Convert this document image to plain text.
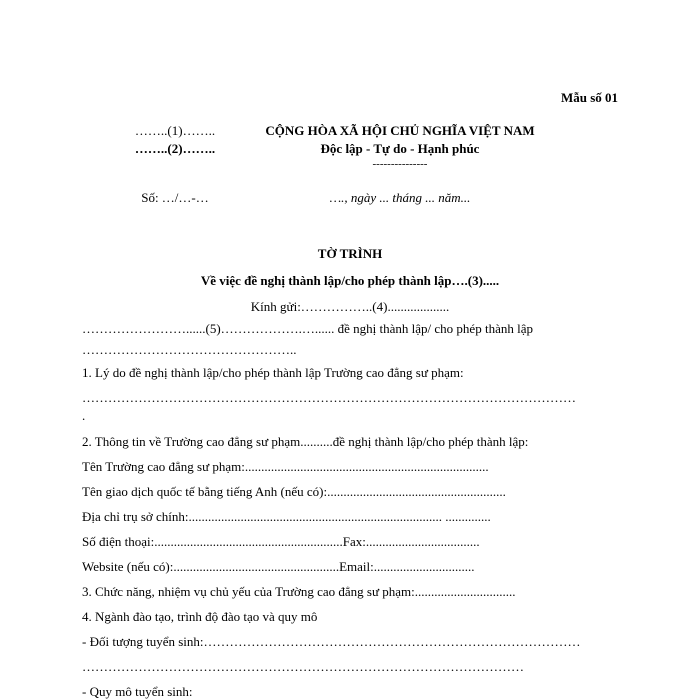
Mẫu số 01
……..(1)……..
……..(2)……..
CỘNG HÒA XÃ HỘI CHỦ NGHĨA VIỆT NAM
Độc lập - Tự do - Hạnh phúc
---------------
Số: …/…-…	…., ngày ... tháng ... năm...
TỜ TRÌNH
Về việc đề nghị thành lập/cho phép thành lập….(3).....
Kính gửi:……………..(4)...................
……………………......(5)……………….…...... đề nghị thành lập/ cho phép thành lập
…………………………………………..
1. Lý do đề nghị thành lập/cho phép thành lập Trường cao đẳng sư phạm:
……………………………………………………………………………………………………
.
2. Thông tin về Trường cao đẳng sư phạm..........đề nghị thành lập/cho phép thành lập:
Tên Trường cao đẳng sư phạm:...........................................................................
Tên giao dịch quốc tế bằng tiếng Anh (nếu có):.......................................................
Địa chỉ trụ sở chính:.............................................................................. ..............
Số điện thoại:..........................................................Fax:...................................
Website (nếu có):...................................................Email:...............................
3. Chức năng, nhiệm vụ chủ yếu của Trường cao đẳng sư phạm:...............................
4. Ngành đào tạo, trình độ đào tạo và quy mô
- Đối tượng tuyển sinh:……………………………………………………………………………
…………………………………………………………………………………………
- Quy mô tuyển sinh:
